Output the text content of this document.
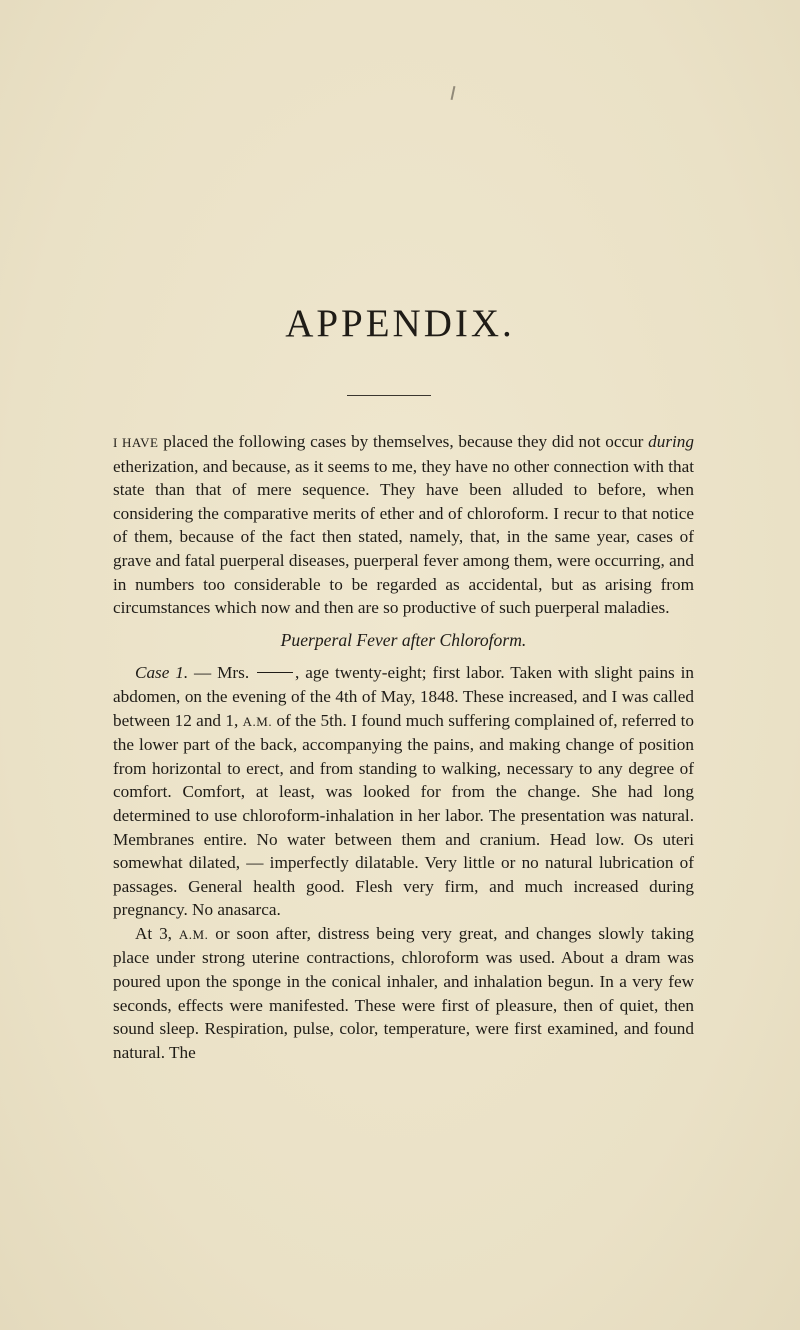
APPENDIX.

I HAVE placed the following cases by themselves, because they did not occur during etherization, and because, as it seems to me, they have no other connection with that state than that of mere sequence. They have been alluded to before, when considering the comparative merits of ether and of chloroform. I recur to that notice of them, because of the fact then stated, namely, that, in the same year, cases of grave and fatal puerperal diseases, puerperal fever among them, were occurring, and in numbers too considerable to be regarded as accidental, but as arising from circumstances which now and then are so productive of such puerperal maladies.

Puerperal Fever after Chloroform.

Case 1. — Mrs. , age twenty-eight; first labor. Taken with slight pains in abdomen, on the evening of the 4th of May, 1848. These increased, and I was called between 12 and 1, A.M. of the 5th. I found much suffering complained of, referred to the lower part of the back, accompanying the pains, and making change of position from horizontal to erect, and from standing to walking, necessary to any degree of comfort. Comfort, at least, was looked for from the change. She had long determined to use chloroform-inhalation in her labor. The presentation was natural. Membranes entire. No water between them and cranium. Head low. Os uteri somewhat dilated, — imperfectly dilatable. Very little or no natural lubrication of passages. General health good. Flesh very firm, and much increased during pregnancy. No anasarca.

At 3, A.M. or soon after, distress being very great, and changes slowly taking place under strong uterine contractions, chloroform was used. About a dram was poured upon the sponge in the conical inhaler, and inhalation begun. In a very few seconds, effects were manifested. These were first of pleasure, then of quiet, then sound sleep. Respiration, pulse, color, temperature, were first examined, and found natural. The
